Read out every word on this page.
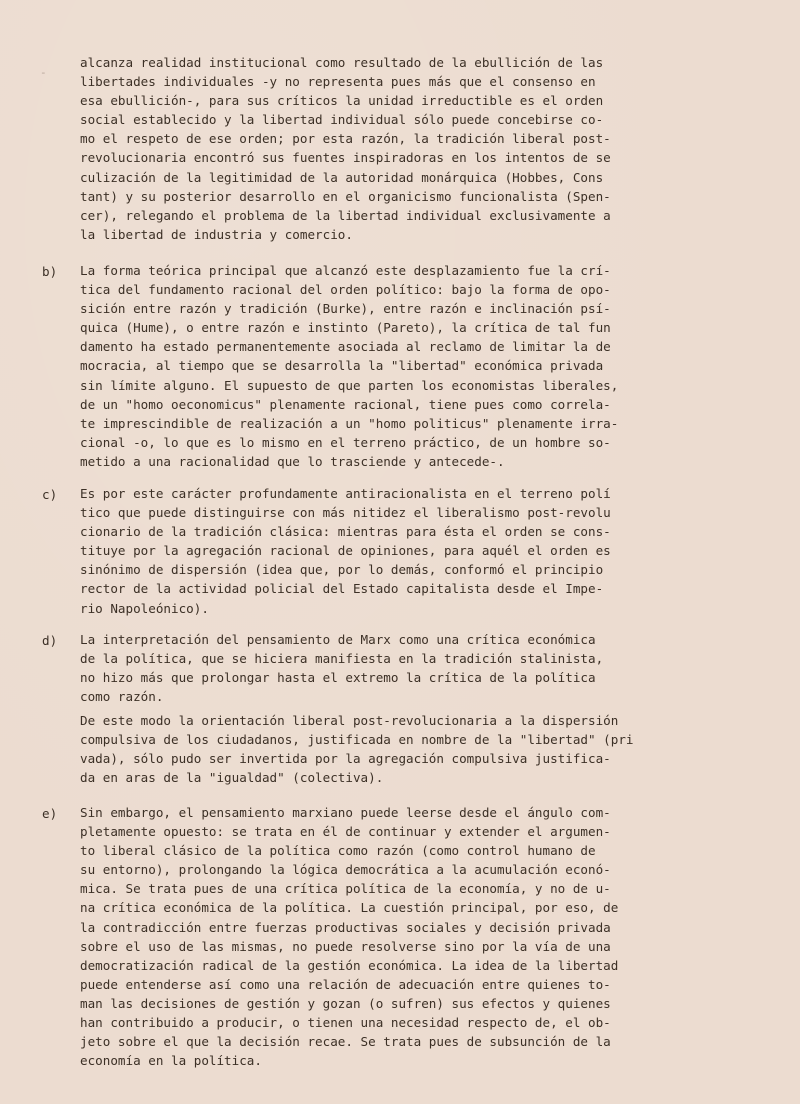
-

alcanza realidad institucional como resultado de la ebullición de las
libertades individuales -y no representa pues más que el consenso en
esa ebullición-, para sus críticos la unidad irreductible es el orden
social establecido y la libertad individual sólo puede concebirse co-
mo el respeto de ese orden; por esta razón, la tradición liberal post-
revolucionaria encontró sus fuentes inspiradoras en los intentos de se
culización de la legitimidad de la autoridad monárquica (Hobbes, Cons
tant) y su posterior desarrollo en el organicismo funcionalista (Spen-
cer), relegando el problema de la libertad individual exclusivamente a
la libertad de industria y comercio.

b) La forma teórica principal que alcanzó este desplazamiento fue la crí-
tica del fundamento racional del orden político: bajo la forma de opo-
sición entre razón y tradición (Burke), entre razón e inclinación psí-
quica (Hume), o entre razón e instinto (Pareto), la crítica de tal fun
damento ha estado permanentemente asociada al reclamo de limitar la de
mocracia, al tiempo que se desarrolla la "libertad" económica privada
sin límite alguno. El supuesto de que parten los economistas liberales,
de un "homo oeconomicus" plenamente racional, tiene pues como correla-
te imprescindible de realización a un "homo politicus" plenamente irra-
cional -o, lo que es lo mismo en el terreno práctico, de un hombre so-
metido a una racionalidad que lo trasciende y antecede-.

c) Es por este carácter profundamente antiracionalista en el terreno polí
tico que puede distinguirse con más nitidez el liberalismo post-revolu
cionario de la tradición clásica: mientras para ésta el orden se cons-
tituye por la agregación racional de opiniones, para aquél el orden es
sinónimo de dispersión (idea que, por lo demás, conformó el principio
rector de la actividad policial del Estado capitalista desde el Impe-
rio Napoleónico).

d) La interpretación del pensamiento de Marx como una crítica económica
de la política, que se hiciera manifiesta en la tradición stalinista,
no hizo más que prolongar hasta el extremo la crítica de la política
como razón.

De este modo la orientación liberal post-revolucionaria a la dispersión
compulsiva de los ciudadanos, justificada en nombre de la "libertad" (pri
vada), sólo pudo ser invertida por la agregación compulsiva justifica-
da en aras de la "igualdad" (colectiva).

e) Sin embargo, el pensamiento marxiano puede leerse desde el ángulo com-
pletamente opuesto: se trata en él de continuar y extender el argumen-
to liberal clásico de la política como razón (como control humano de
su entorno), prolongando la lógica democrática a la acumulación econó-
mica. Se trata pues de una crítica política de la economía, y no de u-
na crítica económica de la política. La cuestión principal, por eso, de
la contradicción entre fuerzas productivas sociales y decisión privada
sobre el uso de las mismas, no puede resolverse sino por la vía de una
democratización radical de la gestión económica. La idea de la libertad
puede entenderse así como una relación de adecuación entre quienes to-
man las decisiones de gestión y gozan (o sufren) sus efectos y quienes
han contribuido a producir, o tienen una necesidad respecto de, el ob-
jeto sobre el que la decisión recae. Se trata pues de subsunción de la
economía en la política.
